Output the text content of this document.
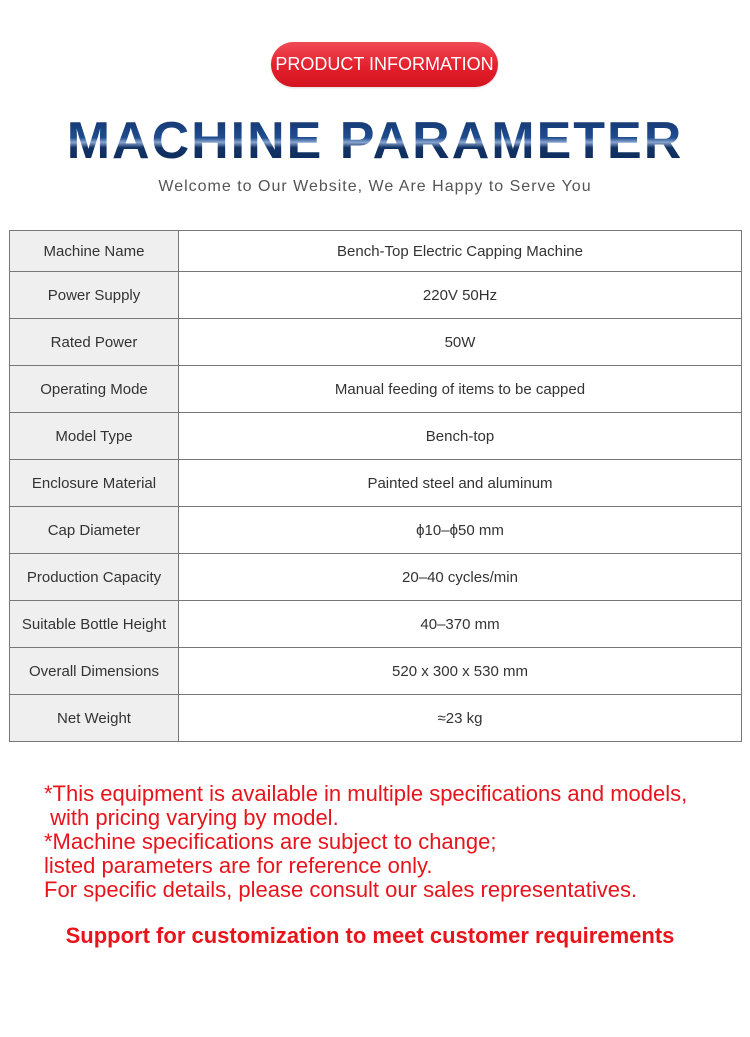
PRODUCT INFORMATION
MACHINE PARAMETER
Welcome to Our Website, We Are Happy to Serve You
Machine Name	Bench-Top Electric Capping Machine
Power Supply	220V 50Hz
Rated Power	50W
Operating Mode	Manual feeding of items to be capped
Model Type	Bench-top
Enclosure Material	Painted steel and aluminum
Cap Diameter	ϕ10–ϕ50 mm
Production Capacity	20–40 cycles/min
Suitable Bottle Height	40–370 mm
Overall Dimensions	520 x 300 x 530 mm
Net Weight	≈23 kg
*This equipment is available in multiple specifications and models,
with pricing varying by model.
*Machine specifications are subject to change;
listed parameters are for reference only.
For specific details, please consult our sales representatives.
Support for customization to meet customer requirements
